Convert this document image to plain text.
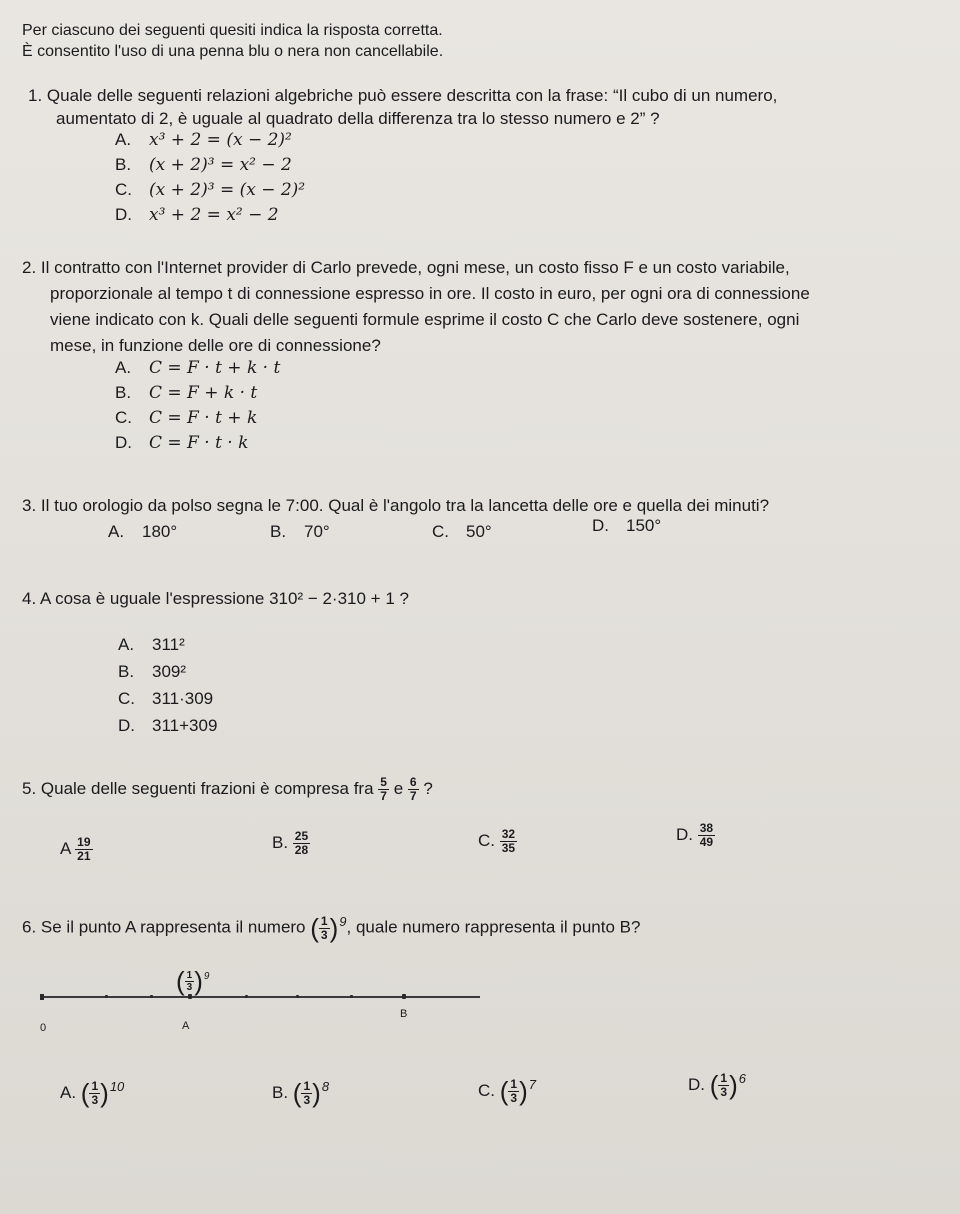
Per ciascuno dei seguenti quesiti indica la risposta corretta.
È consentito l'uso di una penna blu o nera non cancellabile.
1. Quale delle seguenti relazioni algebriche può essere descritta con la frase: “Il cubo di un numero,
aumentato di 2, è uguale al quadrato della differenza tra lo stesso numero e 2” ?
A. x³ + 2 = (x − 2)²
B. (x + 2)³ = x² − 2
C. (x + 2)³ = (x − 2)²
D. x³ + 2 = x² − 2
2. Il contratto con l'Internet provider di Carlo prevede, ogni mese, un costo fisso F e un costo variabile,
proporzionale al tempo t di connessione espresso in ore. Il costo in euro, per ogni ora di connessione
viene indicato con k. Quali delle seguenti formule esprime il costo C che Carlo deve sostenere, ogni
mese, in funzione delle ore di connessione?
A. C = F · t + k · t
B. C = F + k · t
C. C = F · t + k
D. C = F · t · k
3. Il tuo orologio da polso segna le 7:00. Qual è l'angolo tra la lancetta delle ore e quella dei minuti?
A. 180°	B. 70°	C. 50°	D. 150°
4. A cosa è uguale l'espressione 310² − 2·310 + 1 ?
A. 311²
B. 309²
C. 311·309
D. 311+309
5. Quale delle seguenti frazioni è compresa fra $\frac{5}{7}$ e $\frac{6}{7}$ ?
A $\frac{19}{21}$	B. $\frac{25}{28}$	C. $\frac{32}{35}$	D. $\frac{38}{49}$
6. Se il punto A rappresenta il numero ( $\frac{1}{3} )^9$, quale numero rappresenta il punto B?
0	A
B
( $\frac{1}{3} )^9$
A. ( $\frac{1}{3} )^{10}$	B. ( $\frac{1}{3} )^8$	C. ( $\frac{1}{3} )^7$	D. ( $\frac{1}{3} )^6$
